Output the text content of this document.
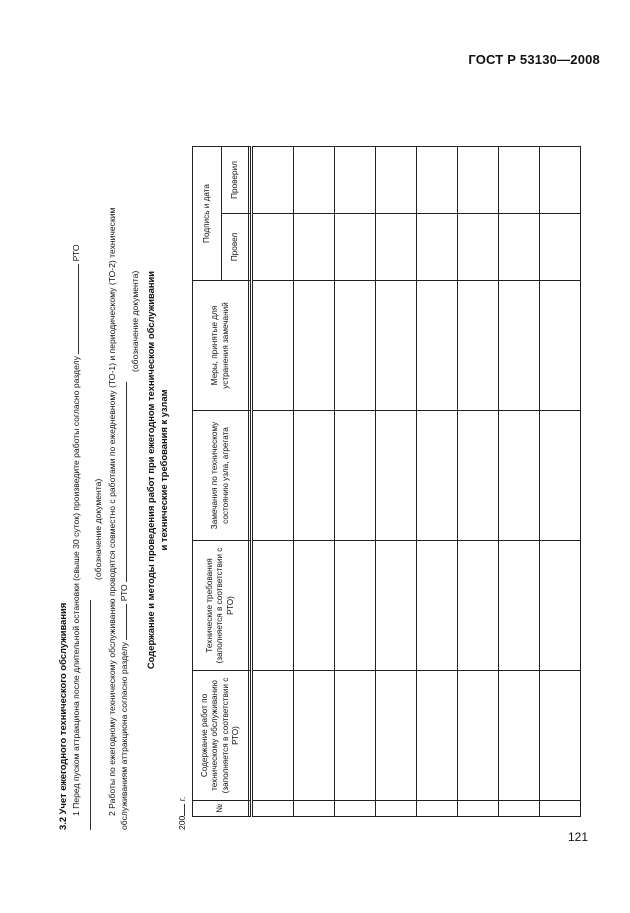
ГОСТ Р 53130—2008
3.2 Учет ежегодного технического обслуживания 1 Перед пуском аттракциона после длительной остановки (свыше 30 суток) произведите работы согласно разделу  РТО
(обозначение документа) 2 Работы по ежегодному техническому обслуживанию проводятся совместно с работами по ежедневному (ТО-1) и периодическому (ТО-2) техническим обслуживаниям аттракциона согласно разделу  РТО
(обозначение документа) Содержание и методы проведения работ при ежегодном техническом обслуживании и технические требования к узлам
200 г.
№	Содержание работ по техническому обслуживанию (заполняется в соответствии с РТО)	Технические требования (заполняется в соответствии с РТО)	Замечания по техническому состоянию узла, агрегата	Меры, принятые для устранения замечаний	Подпись и дата	
					Провел	Проверил

121
